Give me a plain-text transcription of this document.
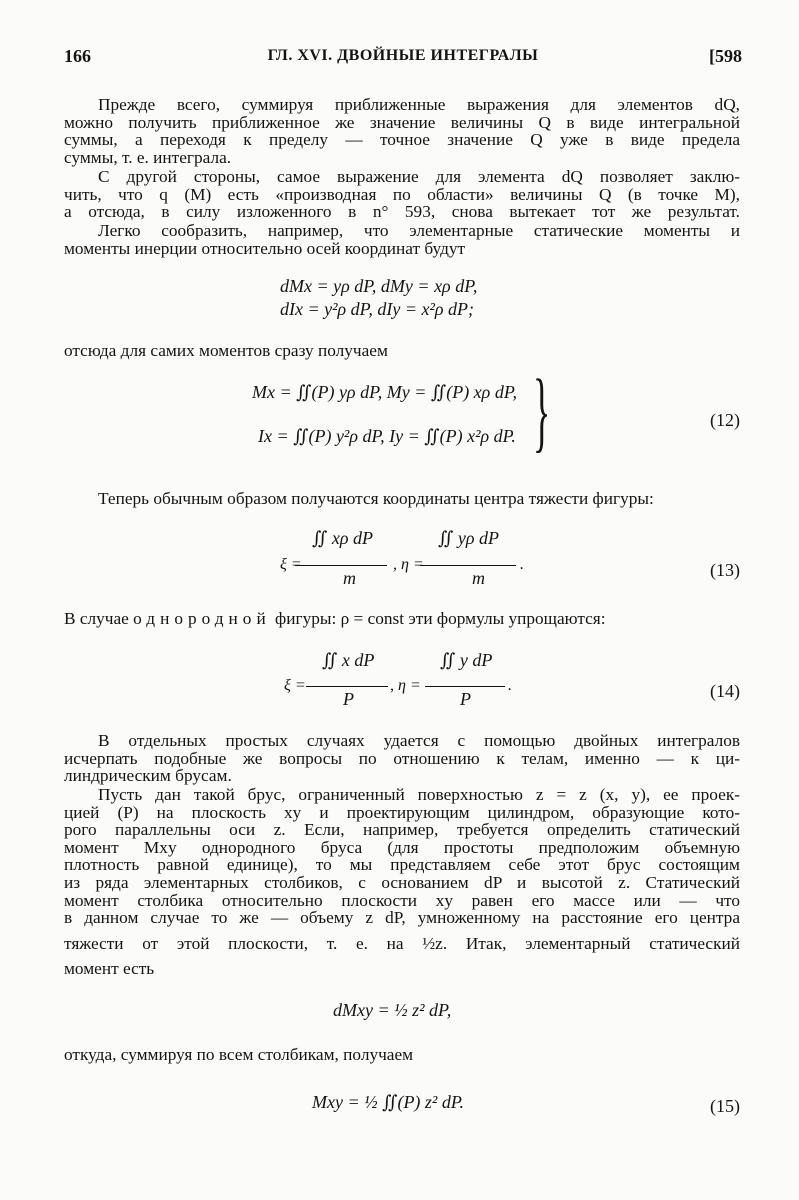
166	ГЛ. XVI. ДВОЙНЫЕ ИНТЕГРАЛЫ	[598
Прежде всего, суммируя приближенные выражения для элементов dQ,
можно получить приближенное же значение величины Q в виде интегральной
суммы, а переходя к пределу — точное значение Q уже в виде предела
суммы, т. е. интеграла.
С другой стороны, самое выражение для элемента dQ позволяет заклю-
чить, что q (M) есть «производная по области» величины Q (в точке M),
а отсюда, в силу изложенного в n° 593, снова вытекает тот же результат.
Легко сообразить, например, что элементарные статические моменты и
моменты инерции относительно осей координат будут
dMx = yρ dP, dMy = xρ dP,
dIx = y²ρ dP, dIy = x²ρ dP;
отсюда для самих моментов сразу получаем
Mx = ∬(P) yρ dP, My = ∬(P) xρ dP,
Ix = ∬(P) y²ρ dP, Iy = ∬(P) x²ρ dP. }	(12)
Теперь обычным образом получаются координаты центра тяжести фигуры:
∬ xρ dP
m
∬ yρ dP
m
ξ =	, η =	.	(13)
В случае однородной фигуры: ρ = const эти формулы упрощаются:
∬ x dP
P
∬ y dP
P
ξ =	, η =	.	(14)
В отдельных простых случаях удается с помощью двойных интегралов
исчерпать подобные же вопросы по отношению к телам, именно — к ци-
линдрическим брусам.
Пусть дан такой брус, ограниченный поверхностью z = z (x, y), ее проек-
цией (P) на плоскость xy и проектирующим цилиндром, образующие кото-
рого параллельны оси z. Если, например, требуется определить статический
момент Mxy однородного бруса (для простоты предположим объемную
плотность равной единице), то мы представляем себе этот брус состоящим
из ряда элементарных столбиков, с основанием dP и высотой z. Статический
момент столбика относительно плоскости xy равен его массе или — что
в данном случае то же — объему z dP, умноженному на расстояние его центра
тяжести от этой плоскости, т. е. на ½z. Итак, элементарный статический
момент есть
dMxy = ½ z² dP,
откуда, суммируя по всем столбикам, получаем
Mxy = ½ ∬(P) z² dP.	(15)
